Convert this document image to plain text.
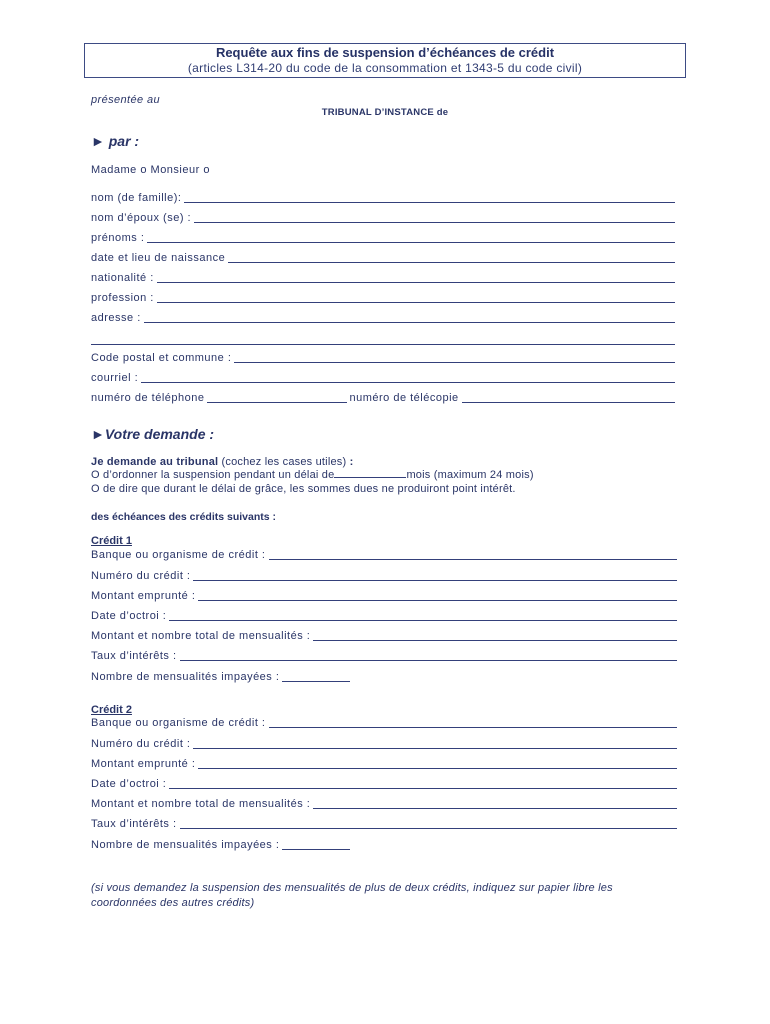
Requête aux fins de suspension d’échéances de crédit
(articles L314-20 du code de la consommation et 1343-5 du code civil)
présentée au
TRIBUNAL D’INSTANCE de
► par :
Madame o Monsieur o
nom (de famille):
nom d’époux (se) :
prénoms :
date et lieu de naissance
nationalité :
profession :
adresse :
Code postal et commune :
courriel :
numéro de téléphone	numéro de télécopie
►Votre demande :
Je demande au tribunal (cochez les cases utiles) :
O d’ordonner la suspension pendant un délai de	mois (maximum 24 mois)
O de dire que durant le délai de grâce, les sommes dues ne produiront point intérêt.
des échéances des crédits suivants :
Crédit 1
Banque ou organisme de crédit :
Numéro du crédit :
Montant emprunté :
Date d’octroi :
Montant et nombre total de mensualités :
Taux d’intérêts :
Nombre de mensualités impayées :
Crédit 2
Banque ou organisme de crédit :
Numéro du crédit :
Montant emprunté :
Date d’octroi :
Montant et nombre total de mensualités :
Taux d’intérêts :
Nombre de mensualités impayées :
(si vous demandez la suspension des mensualités de plus de deux crédits, indiquez sur papier libre les
coordonnées des autres crédits)
